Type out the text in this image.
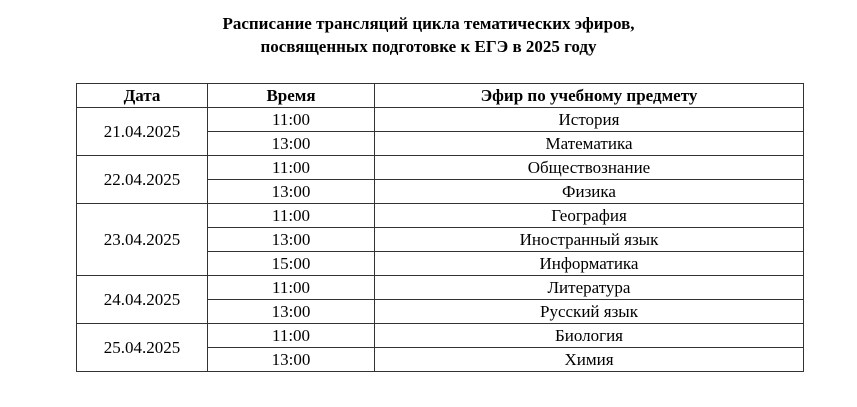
Расписание трансляций цикла тематических эфиров,
посвященных подготовке к ЕГЭ в 2025 году
Дата	Время	Эфир по учебному предмету
21.04.2025	11:00	История
	13:00	Математика
22.04.2025	11:00	Обществознание
	13:00	Физика
23.04.2025	11:00	География
	13:00	Иностранный язык
	15:00	Информатика
24.04.2025	11:00	Литература
	13:00	Русский язык
25.04.2025	11:00	Биология
	13:00	Химия
